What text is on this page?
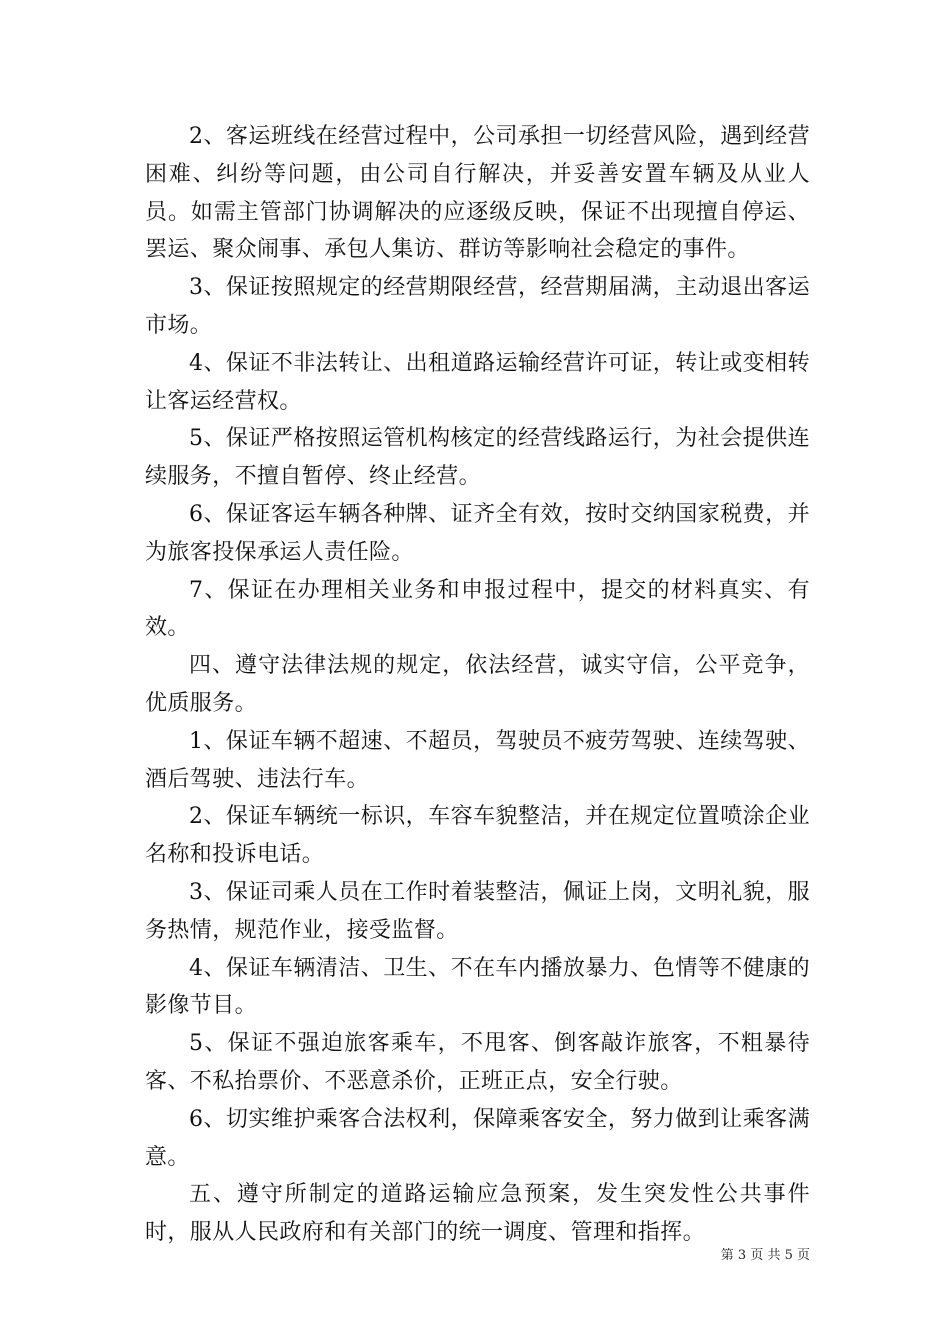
2、客运班线在经营过程中，公司承担一切经营风险，遇到经营困难、纠纷等问题，由公司自行解决，并妥善安置车辆及从业人员。如需主管部门协调解决的应逐级反映，保证不出现擅自停运、罢运、聚众闹事、承包人集访、群访等影响社会稳定的事件。

3、保证按照规定的经营期限经营，经营期届满，主动退出客运市场。

4、保证不非法转让、出租道路运输经营许可证，转让或变相转让客运经营权。

5、保证严格按照运管机构核定的经营线路运行，为社会提供连续服务，不擅自暂停、终止经营。

6、保证客运车辆各种牌、证齐全有效，按时交纳国家税费，并为旅客投保承运人责任险。

7、保证在办理相关业务和申报过程中，提交的材料真实、有效。

四、遵守法律法规的规定，依法经营，诚实守信，公平竞争，优质服务。

1、保证车辆不超速、不超员，驾驶员不疲劳驾驶、连续驾驶、酒后驾驶、违法行车。

2、保证车辆统一标识，车容车貌整洁，并在规定位置喷涂企业名称和投诉电话。

3、保证司乘人员在工作时着装整洁，佩证上岗，文明礼貌，服务热情，规范作业，接受监督。

4、保证车辆清洁、卫生、不在车内播放暴力、色情等不健康的影像节目。

5、保证不强迫旅客乘车，不甩客、倒客敲诈旅客，不粗暴待客、不私抬票价、不恶意杀价，正班正点，安全行驶。

6、切实维护乘客合法权利，保障乘客安全，努力做到让乘客满意。

五、遵守所制定的道路运输应急预案，发生突发性公共事件时，服从人民政府和有关部门的统一调度、管理和指挥。

第 3 页 共 5 页
